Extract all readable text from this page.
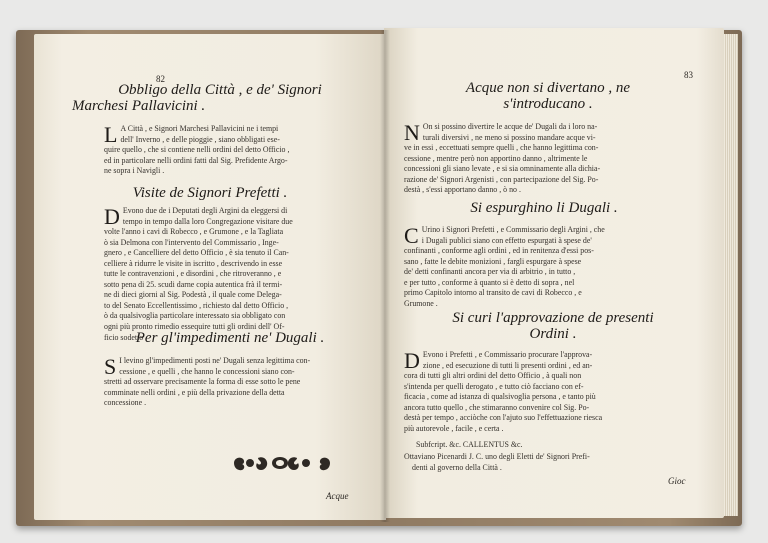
82
Obbligo della Città , e de' Signori
Marchesi Pallavicini .
L A Città , e Signori Marchesi Pallavicini ne i tempi
dell' Inverno , e delle pioggie , siano obbligati ese-
quire quello , che si contiene nelli ordini del detto Officio ,
ed in particolare nelli ordini fatti dal Sig. Prefidente Argo-
ne sopra i Navigli .
Visite de Signori Prefetti .
D Evono due de i Deputati degli Argini da eleggersi di
tempo in tempo dalla loro Congregazione visitare due
volte l'anno i cavi di Robecco , e Grumone , e la Tagliata
ò sia Delmona con l'intervento del Commissario , Inge-
gnero , e Cancelliere del detto Officio , è sia tenuto il Can-
celliere à ridurre le visite in iscritto , descrivendo in esse
tutte le contravenzioni , e disordini , che ritroveranno , e
sotto pena di 25. scudi darne copia autentica frà il termi-
ne di dieci giorni al Sig. Podestà , il quale come Delega-
to del Senato Eccellentissimo , richiesto dal detto Officio ,
ò da qualsivoglia particolare interessato sia obbligato con
ogni più pronto rimedio essequire tutti gli ordini dell' Of-
ficio sodetto .
Per gl'impedimenti ne' Dugali .
S I levino gl'impedimenti posti ne' Dugali senza legittima con-
cessione , e quelli , che hanno le concessioni siano con-
stretti ad osservare precisamente la forma di esse sotto le pene
comminate nelli ordini , e più della privazione della detta
concessione .
Acque
83
Acque non si divertano , ne
s'introducano .
N On si possino divertire le acque de' Dugali da i loro na-
turali diversivi , ne meno si possino mandare acque vi-
ve in essi , eccettuati sempre quelli , che hanno legittima con-
cessione , mentre però non apportino danno , altrimente le
concessioni gli siano levate , e si sia omninamente alla dichia-
razione de' Signori Argenisti , con partecipazione del Sig. Po-
destà , s'essi apportano danno , ò no .
Si espurghino li Dugali .
C Urino i Signori Prefetti , e Commissario degli Argini , che
i Dugali publici siano con effetto espurgati à spese de'
confinanti , conforme agli ordini , ed in renitenza d'essi pos-
sano , fatte le debite monizioni , fargli espurgare à spese
de' detti confinanti ancora per via di arbitrio , in tutto ,
e per tutto , conforme à quanto si è detto di sopra , nel
primo Capitolo intorno al transito de cavi di Robecco , e
Grumone .
Si curi l'approvazione de presenti
Ordini .
D Evono i Prefetti , e Commissario procurare l'approva-
zione , ed esecuzione di tutti li presenti ordini , ed an-
cora di tutti gli altri ordini del detto Officio , à quali non
s'intenda per quelli derogato , e tutto ciò facciano con ef-
ficacia , come ad istanza di qualsivoglia persona , e tanto più
ancora tutto quello , che stimaranno convenire col Sig. Po-
destà per tempo , acciòche con l'ajuto suo l'effettuazione riesca
più autorevole , facile , e certa .
Subfcript. &c. CALLENTUS &c.
Ottaviano Picenardi J. C. uno degli Eletti de' Signori Prefi-
denti al governo della Città .
Gioc
